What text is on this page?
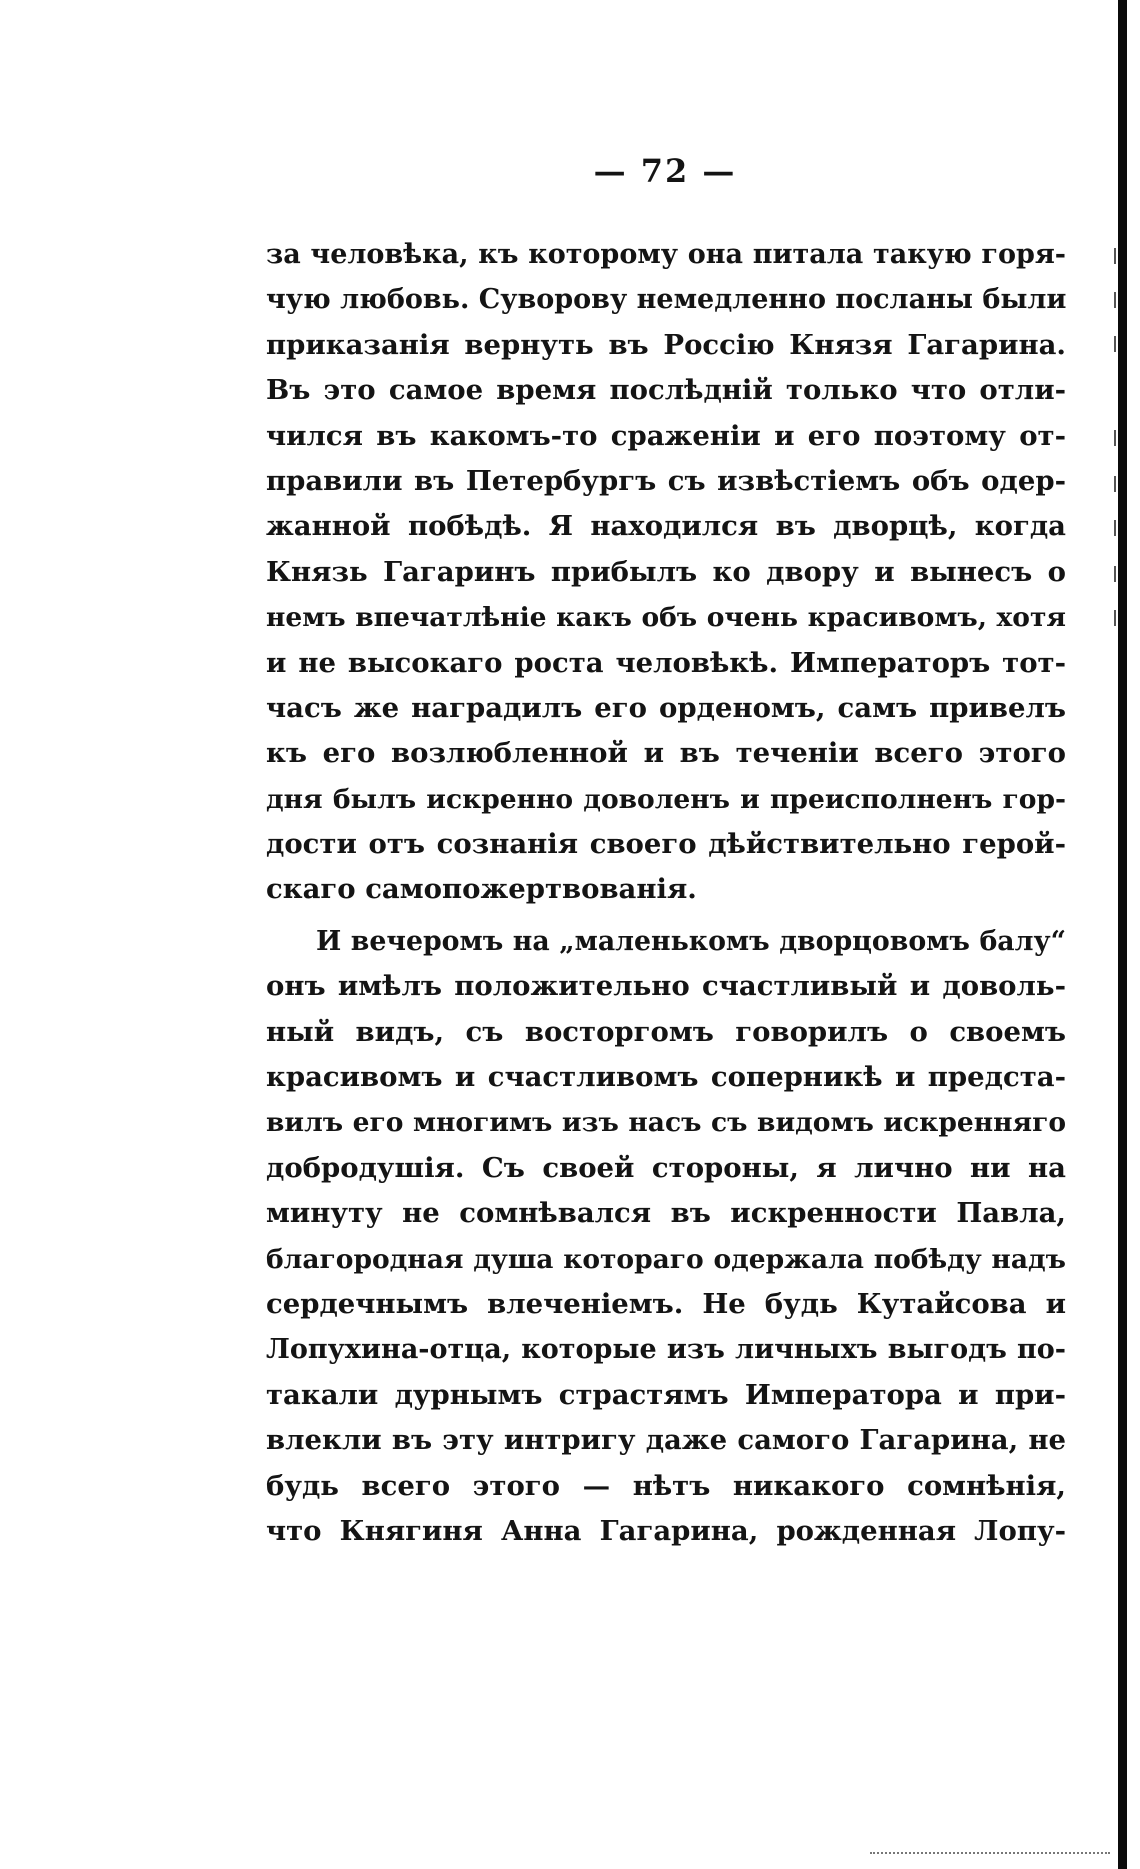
— 72 —
за человѣка, къ которому она питала такую горя-
чую любовь. Суворову немедленно посланы были
приказанія вернуть въ Россію Князя Гагарина.
Въ это самое время послѣдній только что отли-
чился въ какомъ-то сраженіи и его поэтому от-
правили въ Петербургъ съ извѣстіемъ объ одер-
жанной побѣдѣ. Я находился въ дворцѣ, когда
Князь Гагаринъ прибылъ ко двору и вынесъ о
немъ впечатлѣніе какъ объ очень красивомъ, хотя
и не высокаго роста человѣкѣ. Императоръ тот-
часъ же наградилъ его орденомъ, самъ привелъ
къ его возлюбленной и въ теченіи всего этого
дня былъ искренно доволенъ и преисполненъ гор-
дости отъ сознанія своего дѣйствительно герой-
скаго самопожертвованія.
И вечеромъ на „маленькомъ дворцовомъ балу“
онъ имѣлъ положительно счастливый и доволь-
ный видъ, съ восторгомъ говорилъ о своемъ
красивомъ и счастливомъ соперникѣ и предста-
вилъ его многимъ изъ насъ съ видомъ искренняго
добродушія. Съ своей стороны, я лично ни на
минуту не сомнѣвался въ искренности Павла,
благородная душа котораго одержала побѣду надъ
сердечнымъ влеченіемъ. Не будь Кутайсова и
Лопухина-отца, которые изъ личныхъ выгодъ по-
такали дурнымъ страстямъ Императора и при-
влекли въ эту интригу даже самого Гагарина, не
будь всего этого — нѣтъ никакого сомнѣнія,
что Княгиня Анна Гагарина, рожденная Лопу-
